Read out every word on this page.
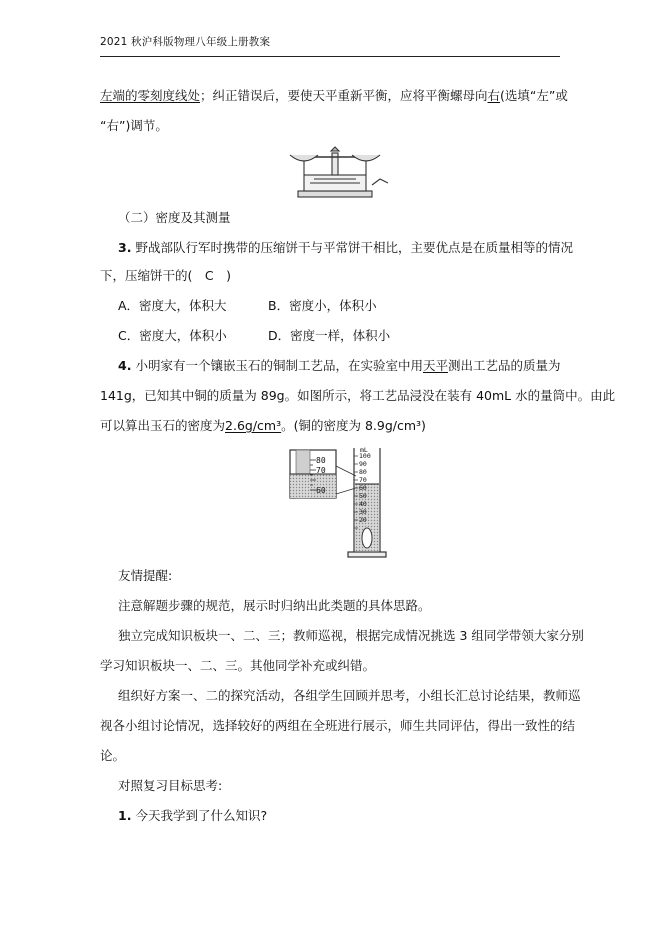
2021 秋沪科版物理八年级上册教案
左端的零刻度线处；纠正错误后，要使天平重新平衡，应将平衡螺母向右(选填“左”或
“右”)调节。
（二）密度及其测量
3. 野战部队行军时携带的压缩饼干与平常饼干相比，主要优点是在质量相等的情况
下，压缩饼干的(　C　)
A．密度大，体积大	B．密度小，体积小
C．密度大，体积小	D．密度一样，体积小
4. 小明家有一个镶嵌玉石的铜制工艺品，在实验室中用天平测出工艺品的质量为
141g，已知其中铜的质量为 89g。如图所示，将工艺品浸没在装有 40mL 水的量筒中。由此
可以算出玉石的密度为2.6g/cm³。(铜的密度为 8.9g/cm³)
80
70
60
mL
100
90
80
70
60
50
40
30
20
友情提醒:
注意解题步骤的规范，展示时归纳出此类题的具体思路。
独立完成知识板块一、二、三；教师巡视，根据完成情况挑选 3 组同学带领大家分别
学习知识板块一、二、三。其他同学补充或纠错。
组织好方案一、二的探究活动，各组学生回顾并思考，小组长汇总讨论结果，教师巡
视各小组讨论情况，选择较好的两组在全班进行展示，师生共同评估，得出一致性的结
论。
对照复习目标思考:
1. 今天我学到了什么知识?
